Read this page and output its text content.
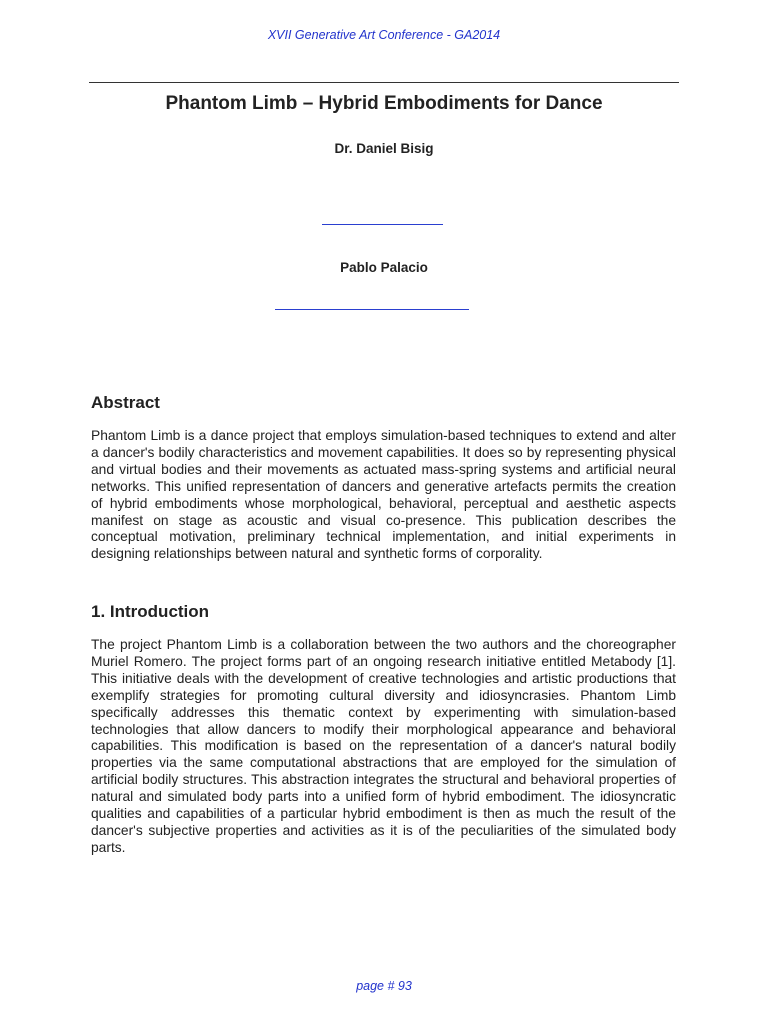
XVII Generative Art Conference - GA2014
Phantom Limb – Hybrid Embodiments for Dance
Dr. Daniel Bisig
Pablo Palacio
Abstract

Phantom Limb is a dance project that employs simulation-based techniques to extend and alter a dancer's bodily characteristics and movement capabilities. It does so by representing physical and virtual bodies and their movements as actuated mass-spring systems and artificial neural networks. This unified representation of dancers and generative artefacts permits the creation of hybrid embodiments whose morphological, behavioral, perceptual and aesthetic aspects manifest on stage as acoustic and visual co-presence. This publication describes the conceptual motivation, preliminary technical implementation, and initial experiments in designing relationships between natural and synthetic forms of corporality.

1. Introduction

The project Phantom Limb is a collaboration between the two authors and the choreographer Muriel Romero. The project forms part of an ongoing research initiative entitled Metabody [1]. This initiative deals with the development of creative technologies and artistic productions that exemplify strategies for promoting cultural diversity and idiosyncrasies. Phantom Limb specifically addresses this thematic context by experimenting with simulation-based technologies that allow dancers to modify their morphological appearance and behavioral capabilities. This modification is based on the representation of a dancer's natural bodily properties via the same computational abstractions that are employed for the simulation of artificial bodily structures. This abstraction integrates the structural and behavioral properties of natural and simulated body parts into a unified form of hybrid embodiment. The idiosyncratic qualities and capabilities of a particular hybrid embodiment is then as much the result of the dancer's subjective properties and activities as it is of the peculiarities of the simulated body parts.

page # 93
